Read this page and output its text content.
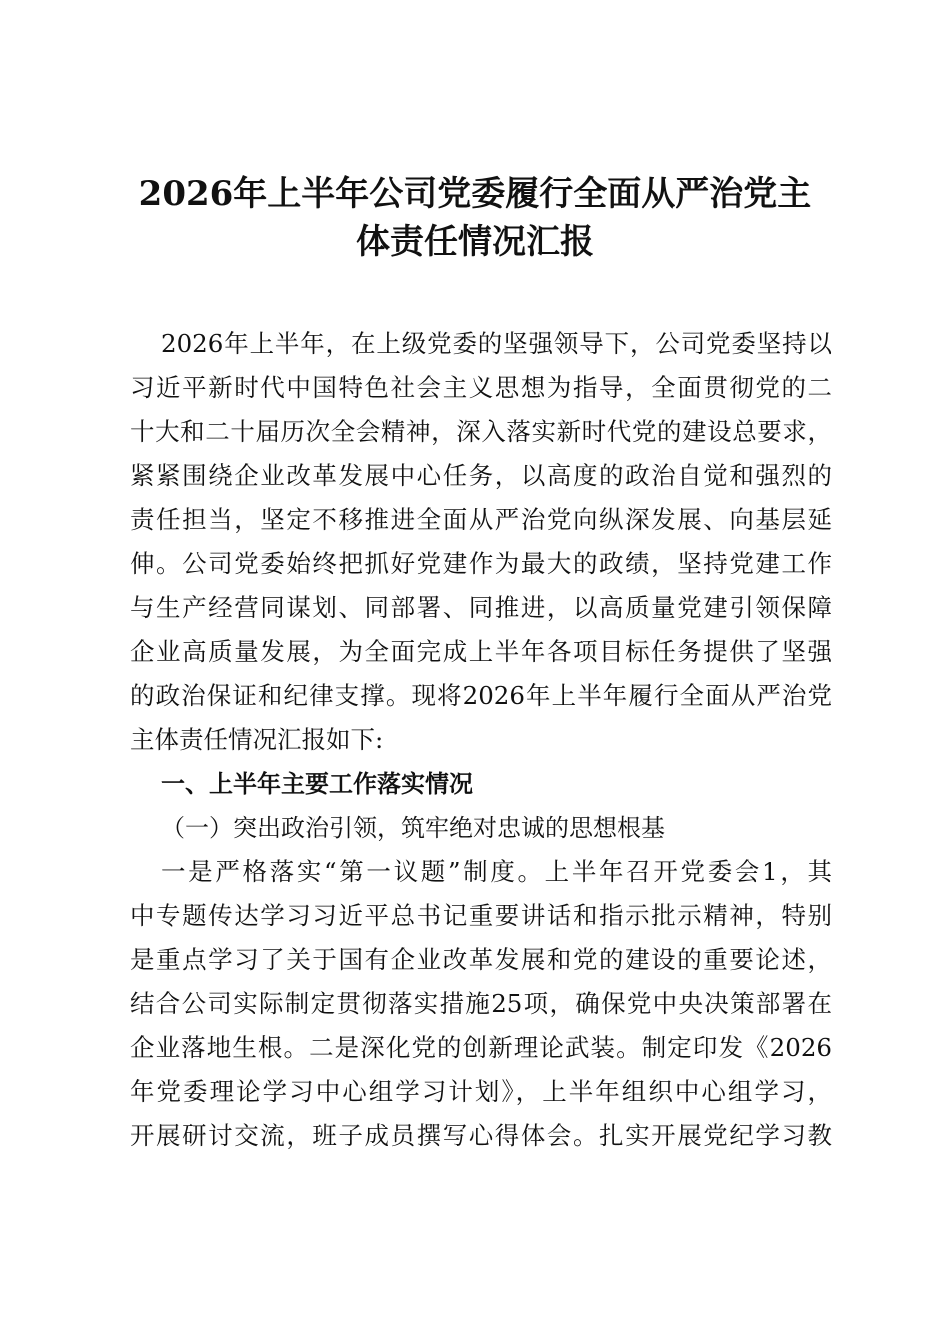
2026年上半年公司党委履行全面从严治党主
体责任情况汇报
2026年上半年，在上级党委的坚强领导下，公司党委坚持以
习近平新时代中国特色社会主义思想为指导，全面贯彻党的二
十大和二十届历次全会精神，深入落实新时代党的建设总要求，
紧紧围绕企业改革发展中心任务，以高度的政治自觉和强烈的
责任担当，坚定不移推进全面从严治党向纵深发展、向基层延
伸。公司党委始终把抓好党建作为最大的政绩，坚持党建工作
与生产经营同谋划、同部署、同推进，以高质量党建引领保障
企业高质量发展，为全面完成上半年各项目标任务提供了坚强
的政治保证和纪律支撑。现将2026年上半年履行全面从严治党
主体责任情况汇报如下:
一、上半年主要工作落实情况
（一）突出政治引领，筑牢绝对忠诚的思想根基
一是严格落实“第一议题”制度。上半年召开党委会1，其
中专题传达学习习近平总书记重要讲话和指示批示精神，特别
是重点学习了关于国有企业改革发展和党的建设的重要论述，
结合公司实际制定贯彻落实措施25项，确保党中央决策部署在
企业落地生根。二是深化党的创新理论武装。制定印发《2026
年党委理论学习中心组学习计划》，上半年组织中心组学习，
开展研讨交流，班子成员撰写心得体会。扎实开展党纪学习教
